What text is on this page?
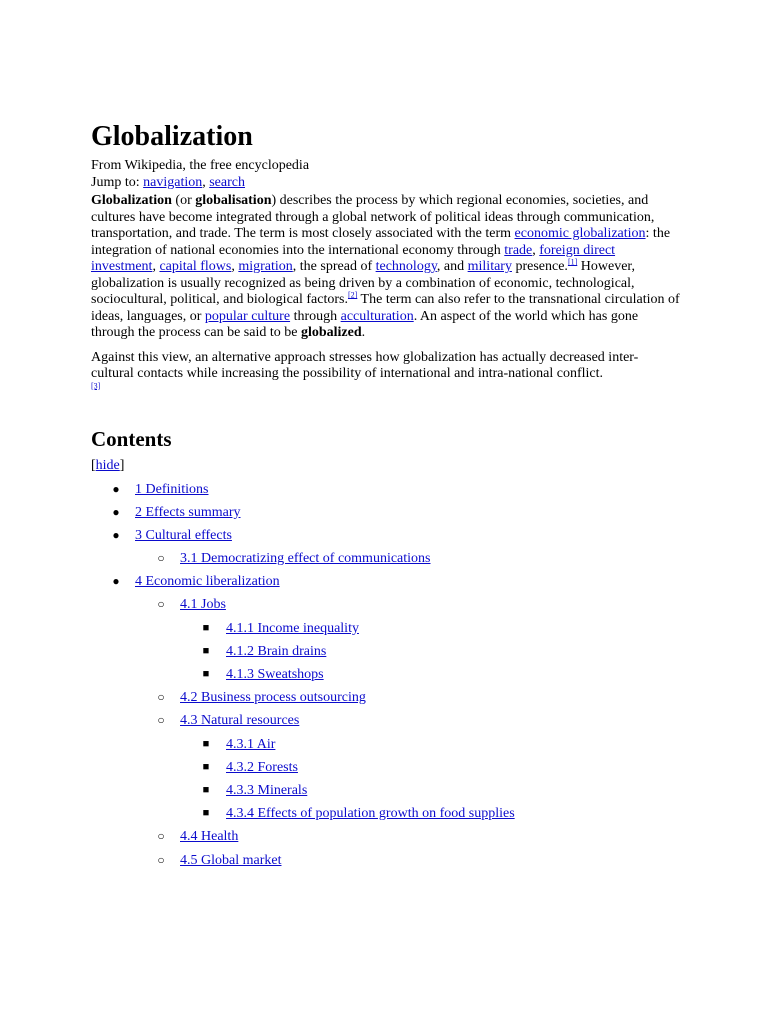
Globalization
From Wikipedia, the free encyclopedia
Jump to: navigation, search

Globalization (or globalisation) describes the process by which regional economies, societies, and cultures have become integrated through a global network of political ideas through communication, transportation, and trade. The term is most closely associated with the term economic globalization: the integration of national economies into the international economy through trade, foreign direct investment, capital flows, migration, the spread of technology, and military presence.[1] However, globalization is usually recognized as being driven by a combination of economic, technological, sociocultural, political, and biological factors.[2] The term can also refer to the transnational circulation of ideas, languages, or popular culture through acculturation. An aspect of the world which has gone through the process can be said to be globalized.

Against this view, an alternative approach stresses how globalization has actually decreased inter-cultural contacts while increasing the possibility of international and intra-national conflict.
[3]

Contents
[hide]
● 1 Definitions
● 2 Effects summary
● 3 Cultural effects
○ 3.1 Democratizing effect of communications
● 4 Economic liberalization
○ 4.1 Jobs
■ 4.1.1 Income inequality
■ 4.1.2 Brain drains
■ 4.1.3 Sweatshops
○ 4.2 Business process outsourcing
○ 4.3 Natural resources
■ 4.3.1 Air
■ 4.3.2 Forests
■ 4.3.3 Minerals
■ 4.3.4 Effects of population growth on food supplies
○ 4.4 Health
○ 4.5 Global market
